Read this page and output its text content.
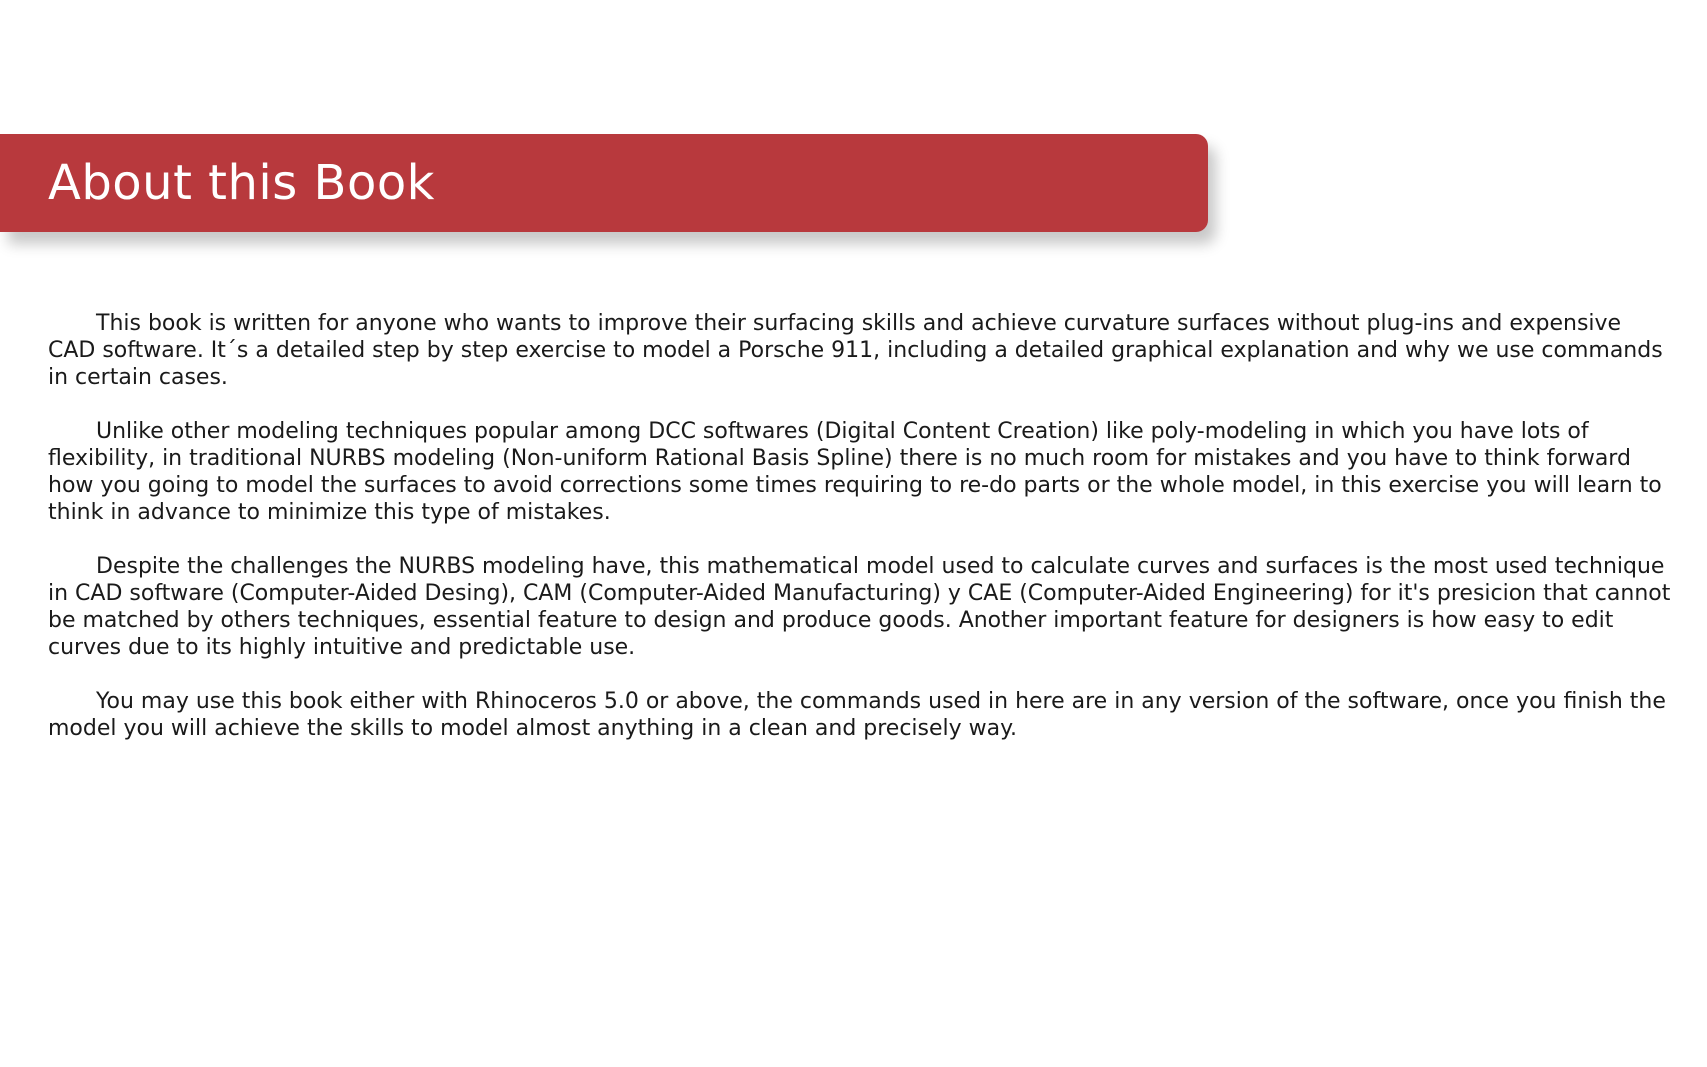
About this Book

This book is written for anyone who wants to improve their surfacing skills and achieve curvature surfaces without plug-ins and expensive CAD software. It´s a detailed step by step exercise to model a Porsche 911, including a detailed graphical explanation and why we use commands in certain cases.

Unlike other modeling techniques popular among DCC softwares (Digital Content Creation) like poly-modeling in which you have lots of flexibility, in traditional NURBS modeling (Non-uniform Rational Basis Spline) there is no much room for mistakes and you have to think forward how you going to model the surfaces to avoid corrections some times requiring to re-do parts or the whole model, in this exercise you will learn to think in advance to minimize this type of mistakes.

Despite the challenges the NURBS modeling have, this mathematical model used to calculate curves and surfaces is the most used technique in CAD software (Computer-Aided Desing), CAM (Computer-Aided Manufacturing) y CAE (Computer-Aided Engineering) for it's presicion that cannot be matched by others techniques, essential feature to design and produce goods. Another important feature for designers is how easy to edit curves due to its highly intuitive and predictable use.

You may use this book either with Rhinoceros 5.0 or above, the commands used in here are in any version of the software, once you finish the model you will achieve the skills to model almost anything in a clean and precisely way.
